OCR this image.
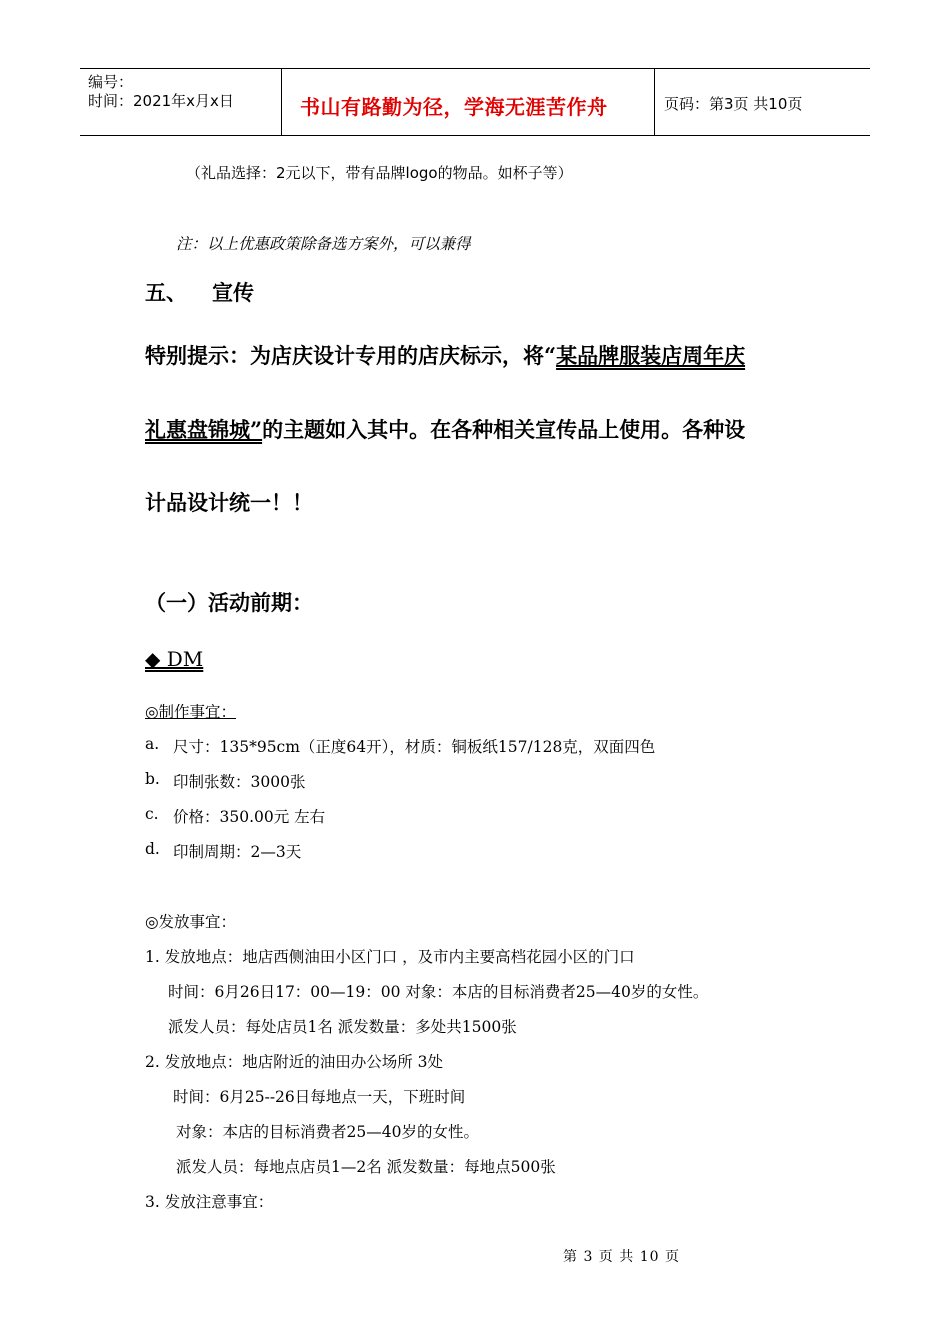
编号：
时间：2021年x月x日	书山有路勤为径，学海无涯苦作舟	页码：第3页 共10页
（礼品选择：2元以下，带有品牌logo的物品。如杯子等）
注：以上优惠政策除备选方案外，可以兼得
五、 宣传
特别提示：为店庆设计专用的店庆标示，将“某品牌服装店周年庆
礼惠盘锦城”的主题如入其中。在各种相关宣传品上使用。各种设
计品设计统一！！
（一）活动前期：
◆ DM
◎制作事宜：
a. 尺寸：135*95cm（正度64开），材质：铜板纸157/128克，双面四色
b. 印制张数：3000张
c. 价格：350.00元 左右
d. 印制周期：2—3天
◎发放事宜：
1. 发放地点：地店西侧油田小区门口 ，及市内主要高档花园小区的门口
时间：6月26日17：00—19：00 对象：本店的目标消费者25—40岁的女性。
派发人员：每处店员1名 派发数量：多处共1500张
2. 发放地点：地店附近的油田办公场所 3处
时间：6月25--26日每地点一天，下班时间
对象：本店的目标消费者25—40岁的女性。
派发人员：每地点店员1—2名 派发数量：每地点500张
3. 发放注意事宜：
第 3 页 共 10 页
